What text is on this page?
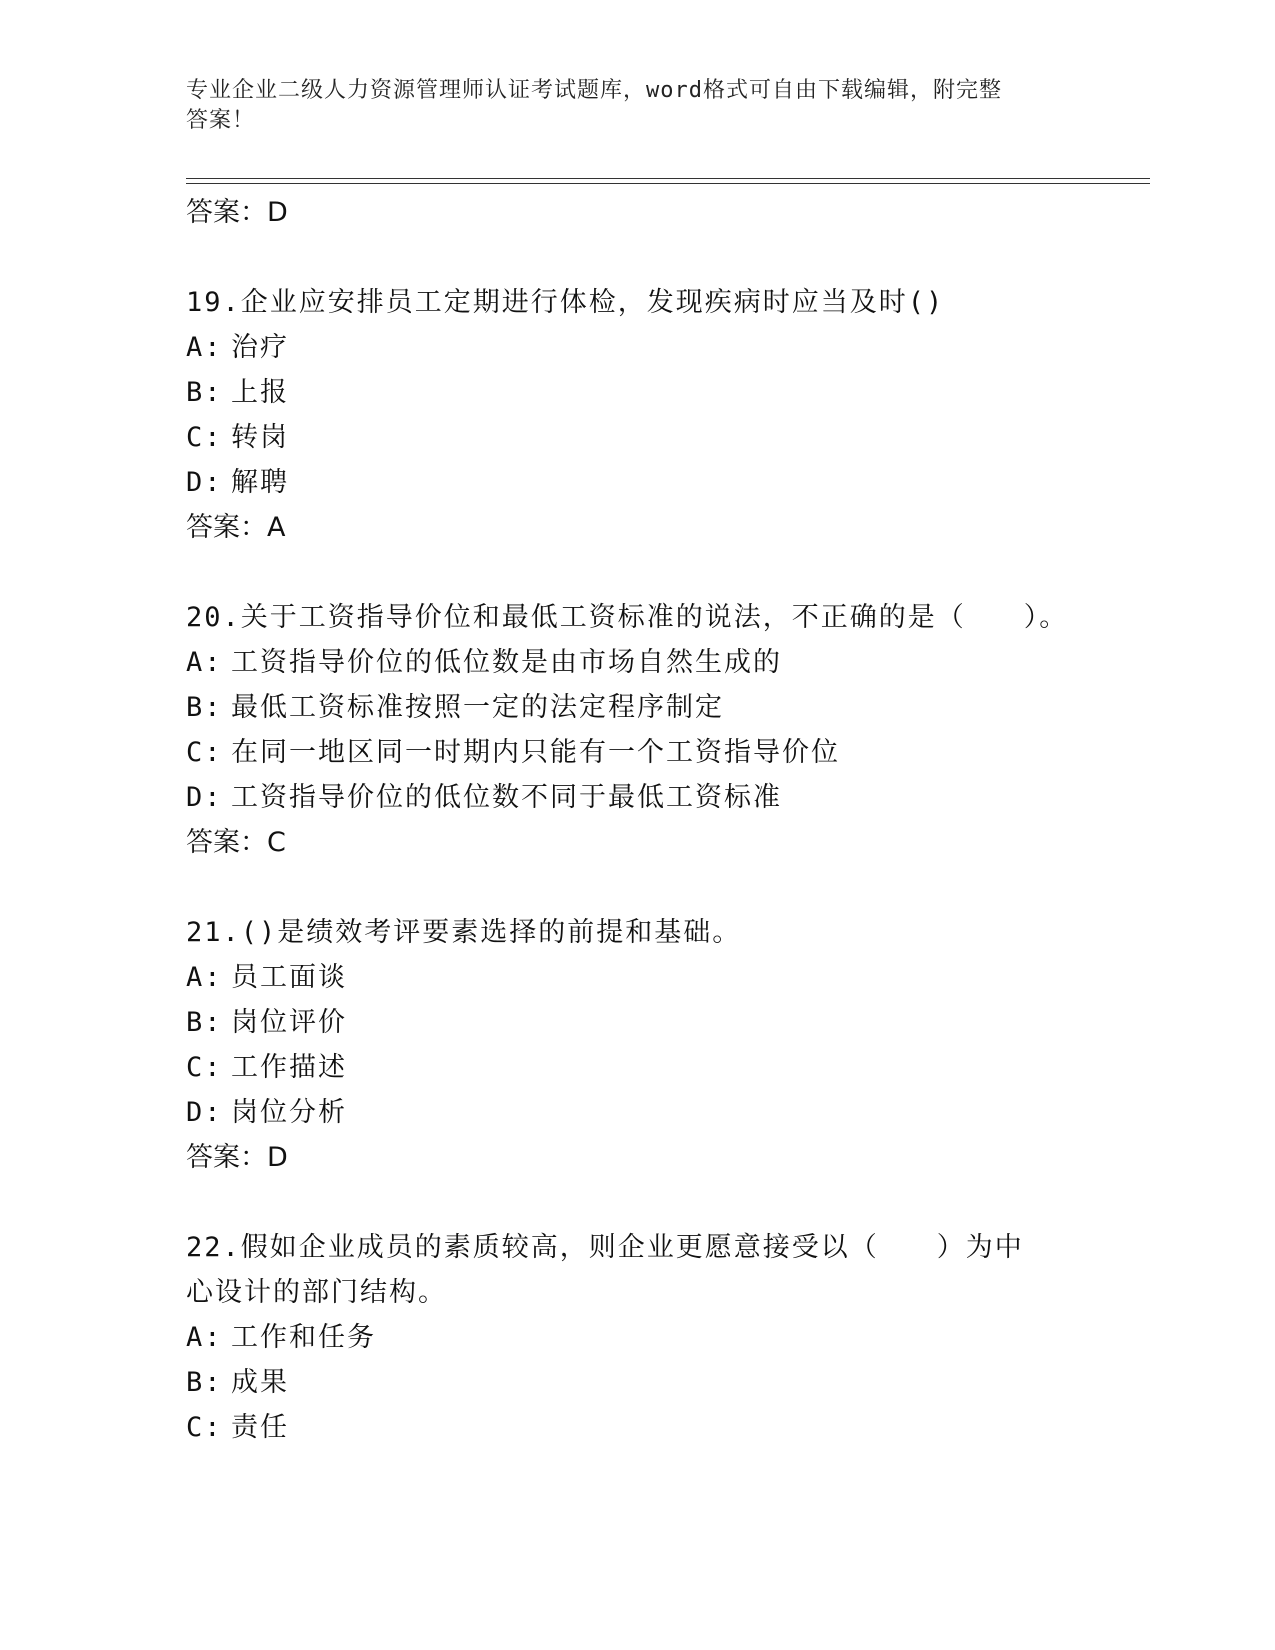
专业企业二级人力资源管理师认证考试题库，word格式可自由下载编辑，附完整
答案！
答案：D
19.企业应安排员工定期进行体检，发现疾病时应当及时()
A: 治疗
B: 上报
C: 转岗
D: 解聘
答案：A
20.关于工资指导价位和最低工资标准的说法，不正确的是（　　）。
A: 工资指导价位的低位数是由市场自然生成的
B: 最低工资标准按照一定的法定程序制定
C: 在同一地区同一时期内只能有一个工资指导价位
D: 工资指导价位的低位数不同于最低工资标准
答案：C
21.()是绩效考评要素选择的前提和基础。
A: 员工面谈
B: 岗位评价
C: 工作描述
D: 岗位分析
答案：D
22.假如企业成员的素质较高，则企业更愿意接受以（　　）为中心设计的部门结构。
A: 工作和任务
B: 成果
C: 责任
